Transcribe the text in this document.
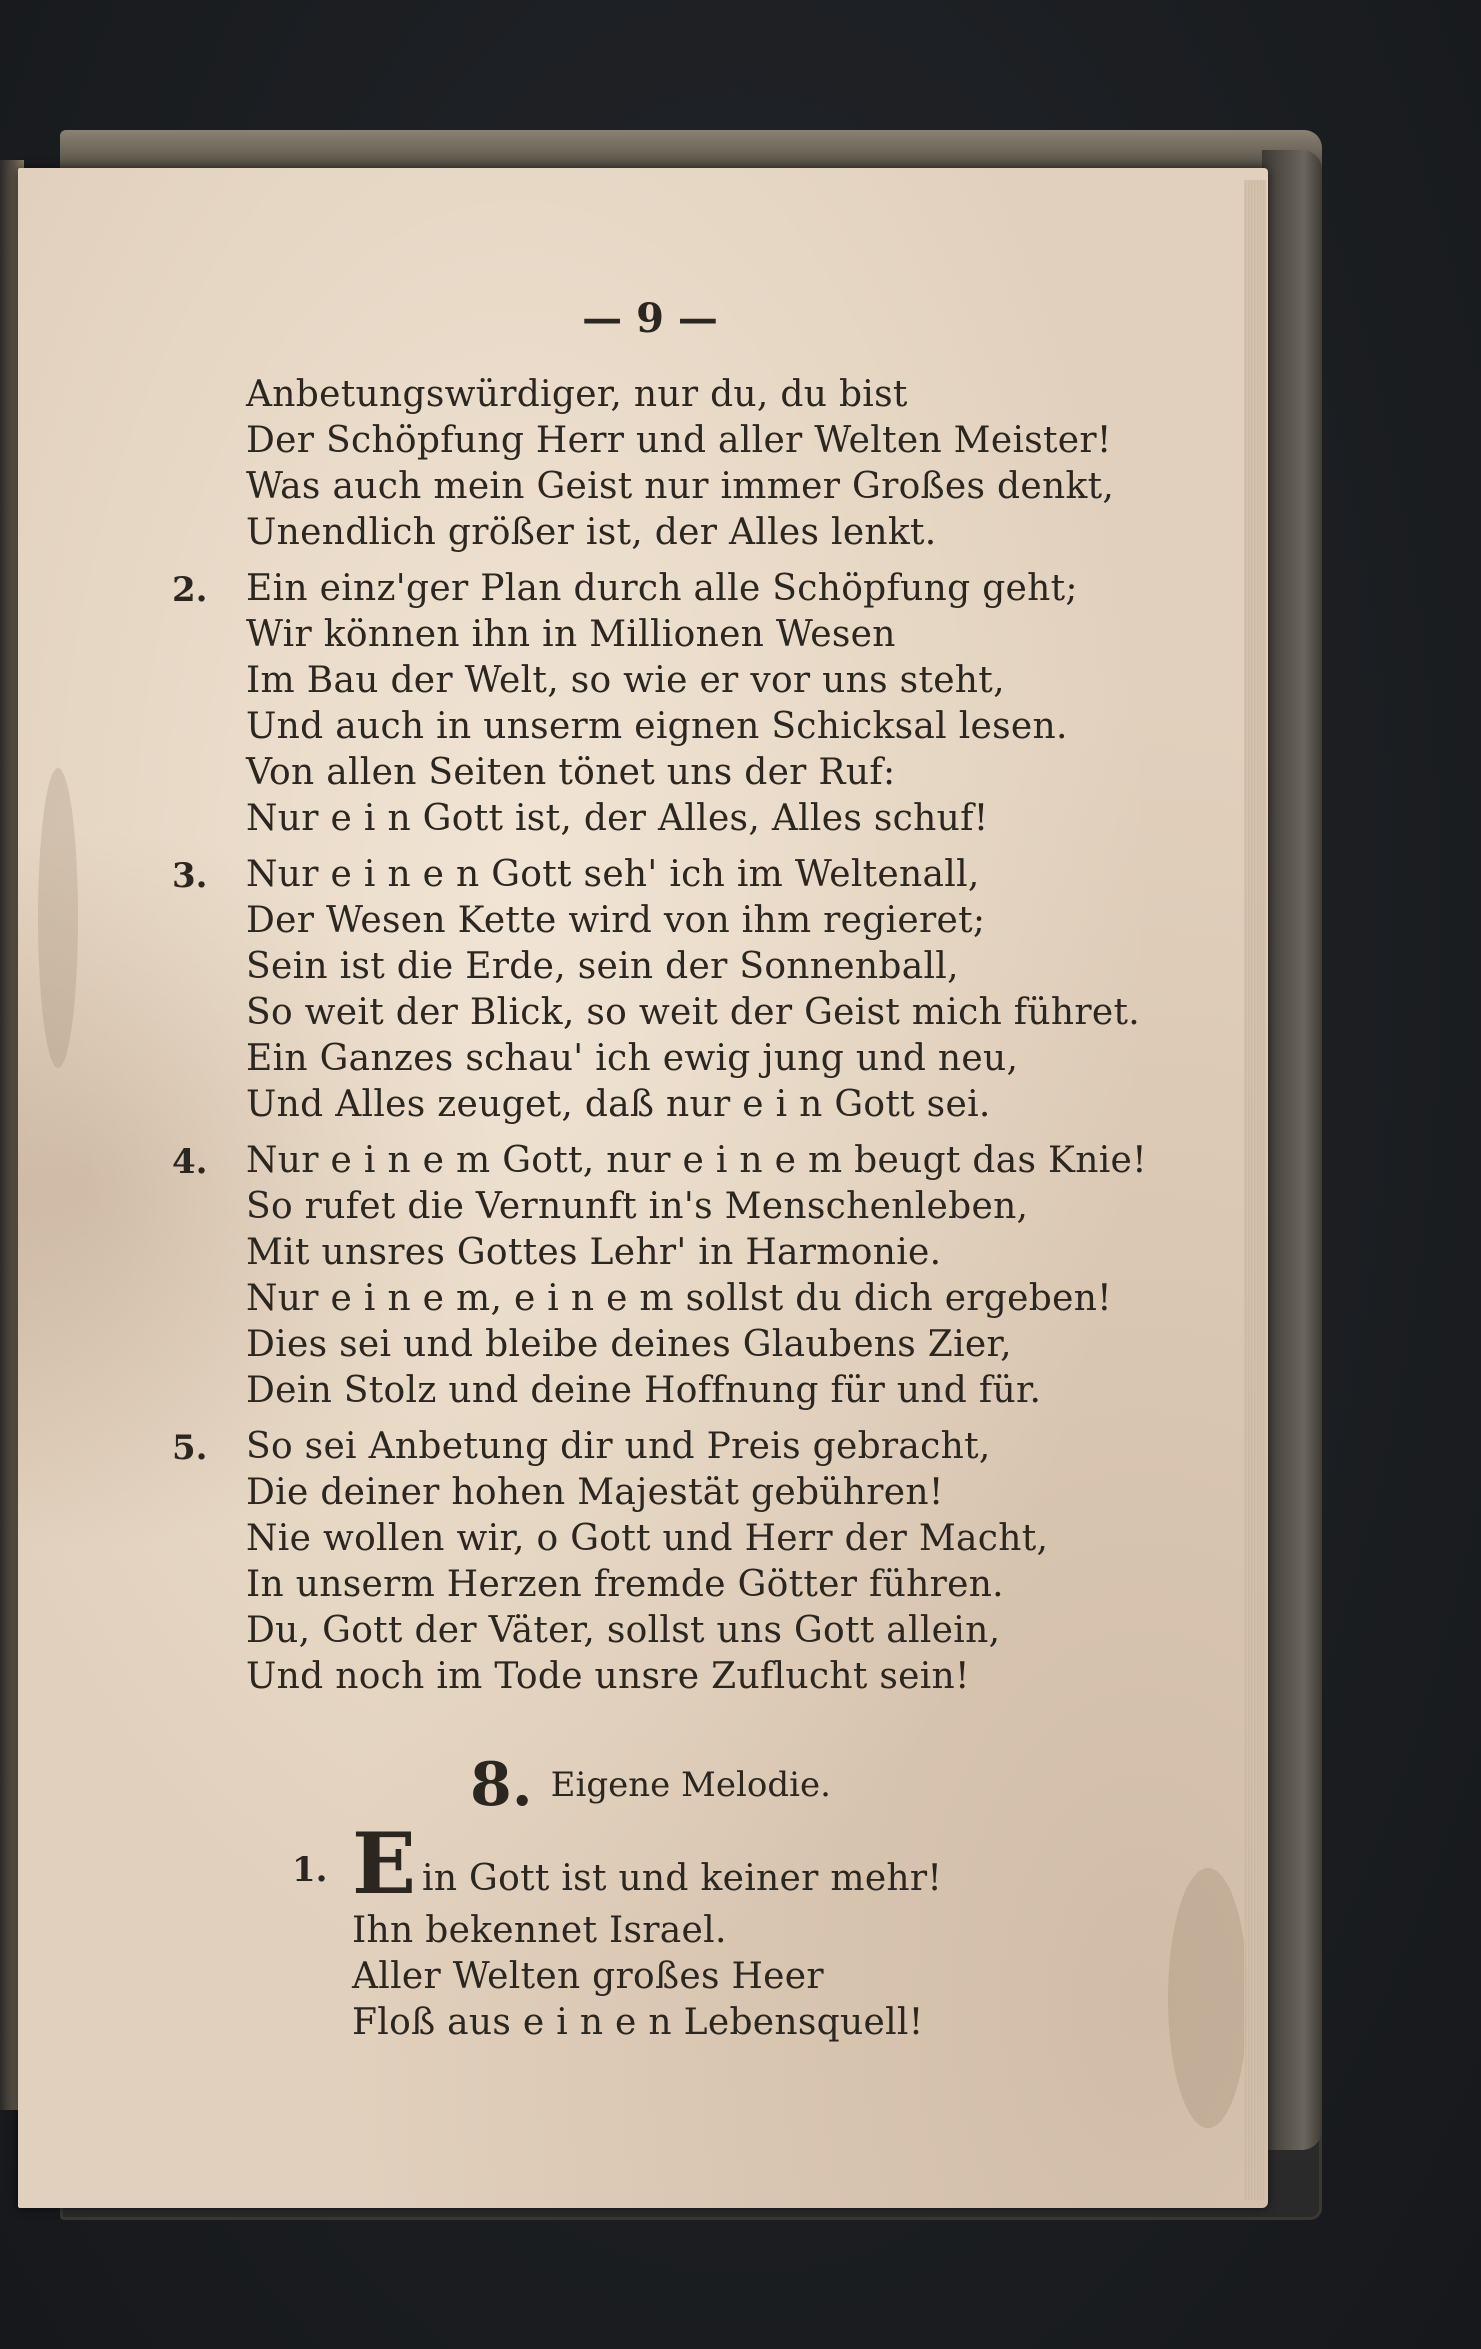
— 9 —
Anbetungswürdiger, nur du, du bist
Der Schöpfung Herr und aller Welten Meister!
Was auch mein Geist nur immer Großes denkt,
Unendlich größer ist, der Alles lenkt.
2. Ein einz'ger Plan durch alle Schöpfung geht;
Wir können ihn in Millionen Wesen
Im Bau der Welt, so wie er vor uns steht,
Und auch in unserm eignen Schicksal lesen.
Von allen Seiten tönet uns der Ruf:
Nur e i n Gott ist, der Alles, Alles schuf!
3. Nur e i n e n Gott seh' ich im Weltenall,
Der Wesen Kette wird von ihm regieret;
Sein ist die Erde, sein der Sonnenball,
So weit der Blick, so weit der Geist mich führet.
Ein Ganzes schau' ich ewig jung und neu,
Und Alles zeuget, daß nur e i n Gott sei.
4. Nur e i n e m Gott, nur e i n e m beugt das Knie!
So rufet die Vernunft in's Menschenleben,
Mit unsres Gottes Lehr' in Harmonie.
Nur e i n e m, e i n e m sollst du dich ergeben!
Dies sei und bleibe deines Glaubens Zier,
Dein Stolz und deine Hoffnung für und für.
5. So sei Anbetung dir und Preis gebracht,
Die deiner hohen Majestät gebühren!
Nie wollen wir, o Gott und Herr der Macht,
In unserm Herzen fremde Götter führen.
Du, Gott der Väter, sollst uns Gott allein,
Und noch im Tode unsre Zuflucht sein!
8. Eigene Melodie.
1. E in Gott ist und keiner mehr!
Ihn bekennet Israel.
Aller Welten großes Heer
Floß aus e i n e n Lebensquell!
